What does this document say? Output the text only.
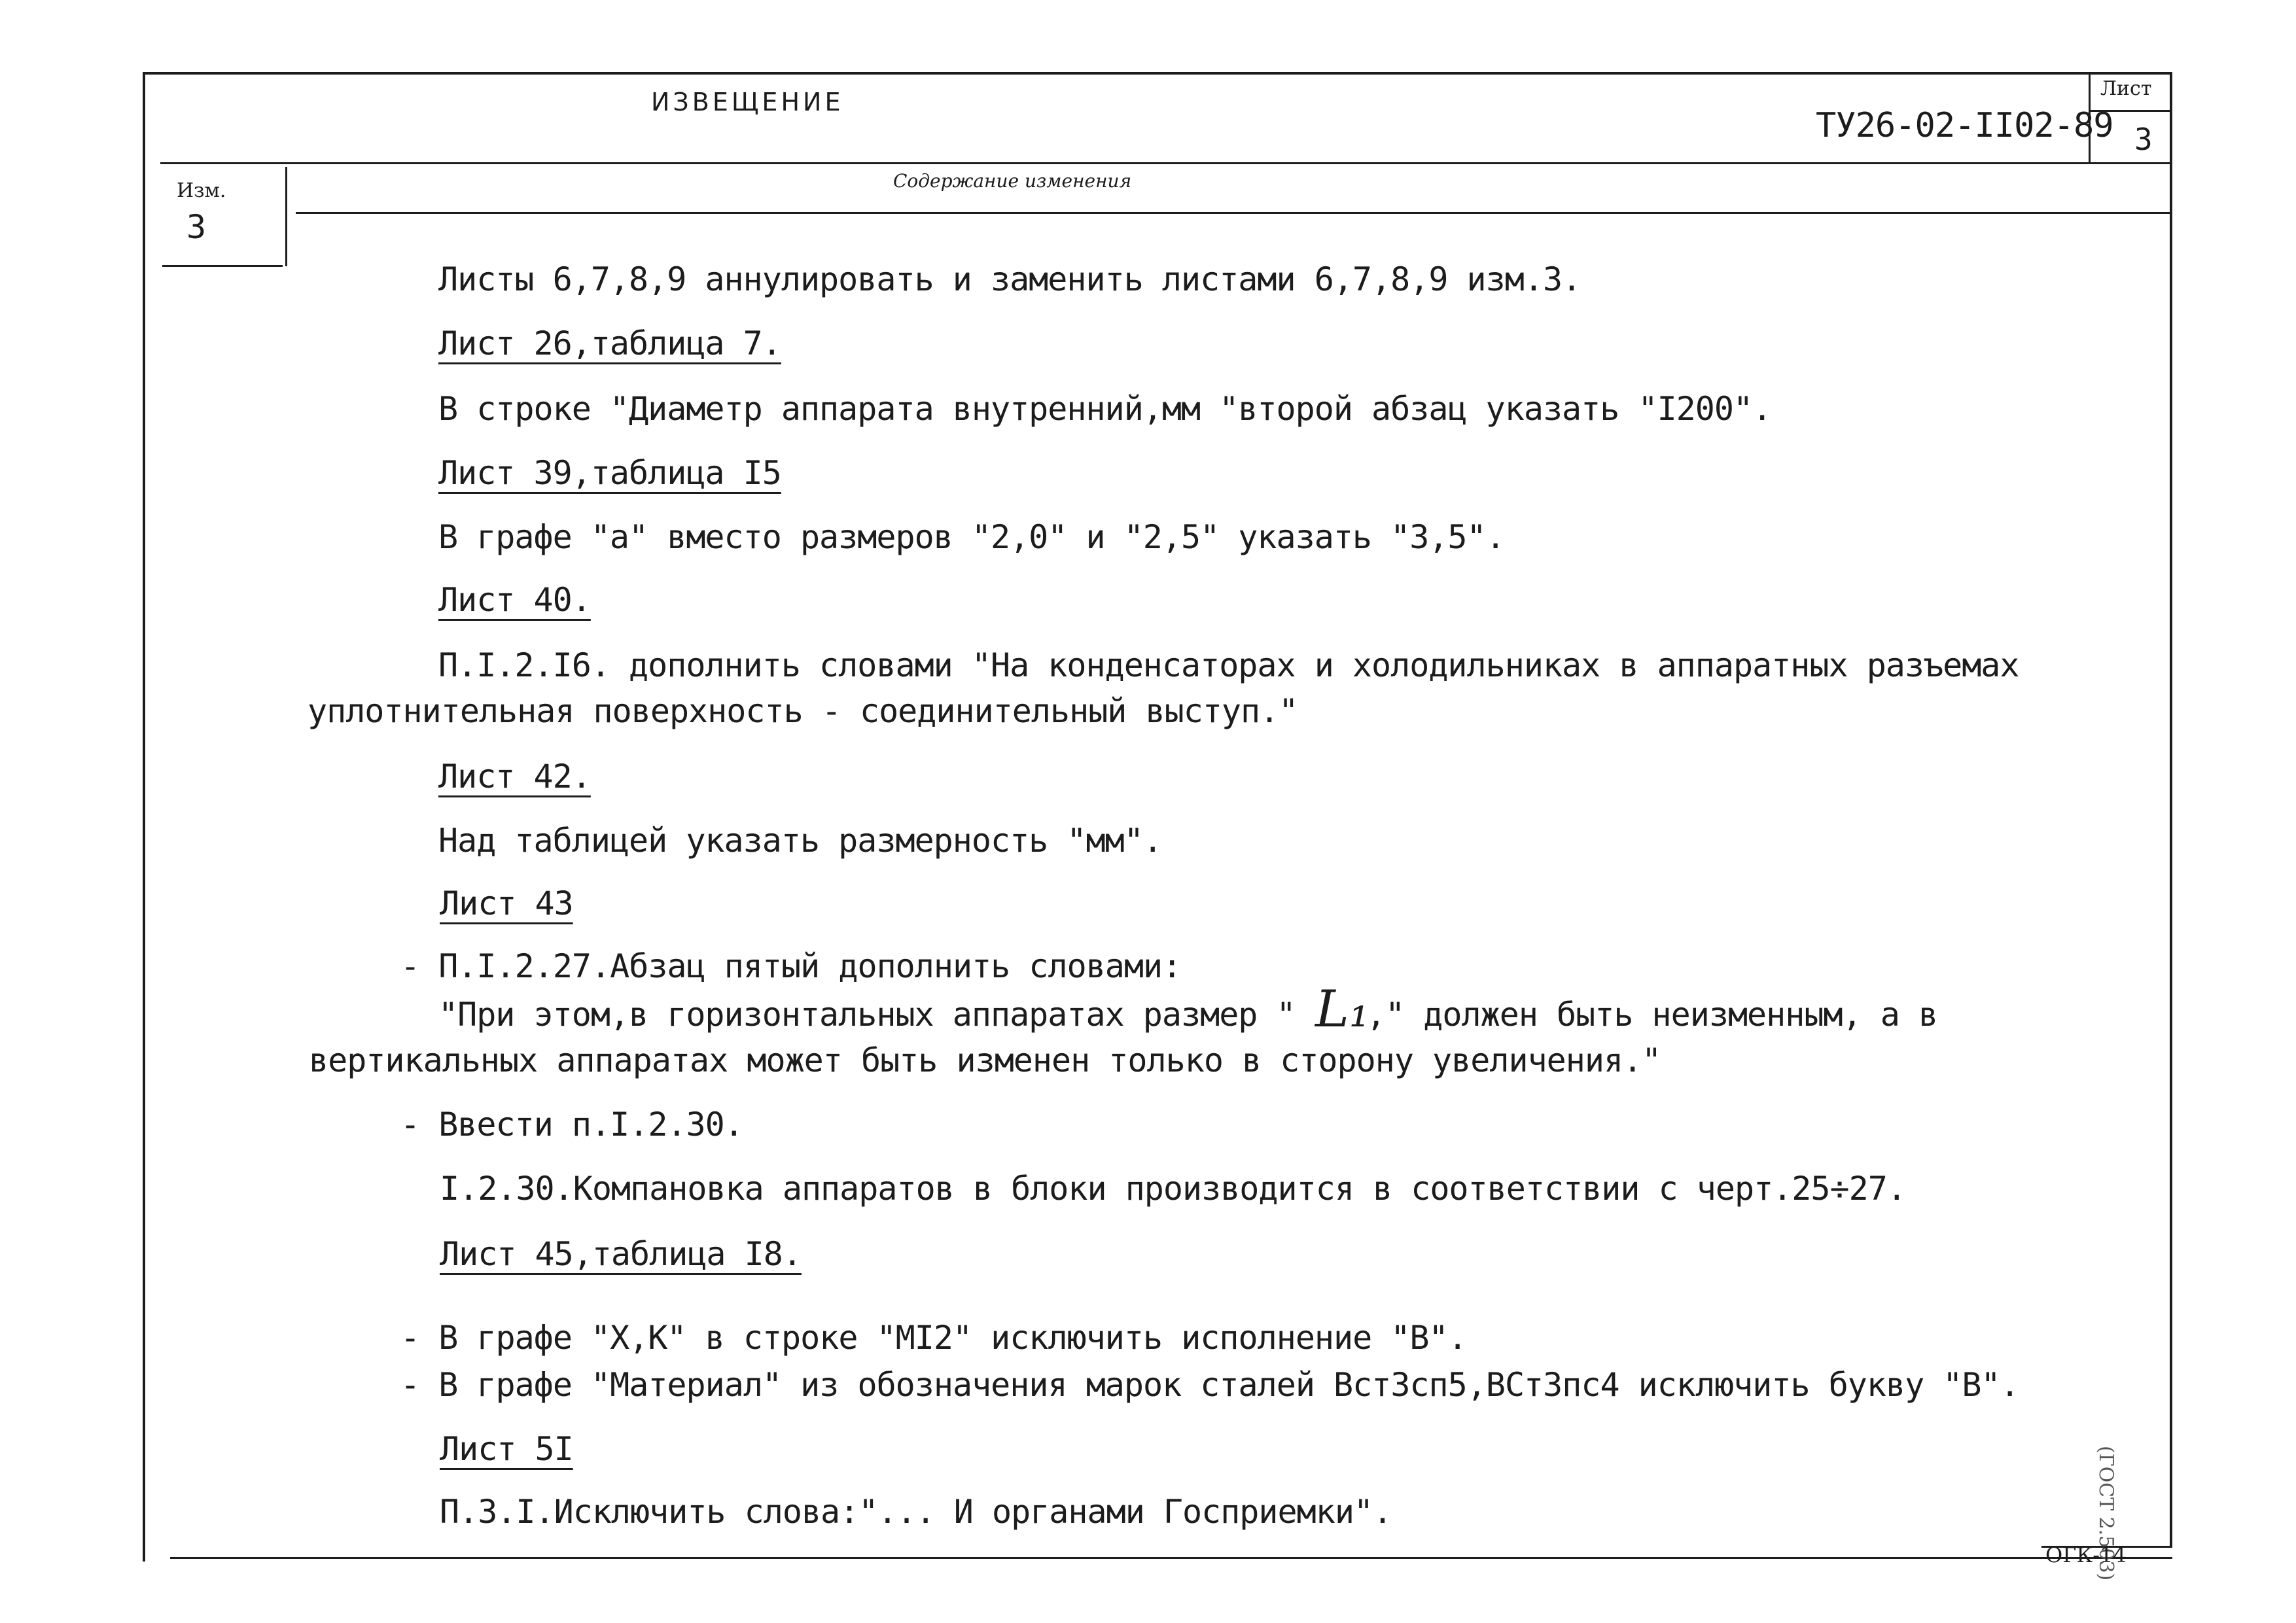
ИЗВЕЩЕНИЕ
ТУ26-02-II02-89
Лист
3
Изм.
3
Содержание изменения
Листы 6,7,8,9 аннулировать и заменить листами 6,7,8,9 изм.3.
Лист 26,таблица 7.
В строке "Диаметр аппарата внутренний,мм "второй абзац указать "I200".
Лист 39,таблица I5
В графе "а" вместо размеров "2,0" и "2,5" указать "3,5".
Лист 40.
П.I.2.I6. дополнить словами "На конденсаторах и холодильниках в аппаратных разъемах
уплотнительная поверхность - соединительный выступ."
Лист 42.
Над таблицей указать размерность "мм".
Лист 43
- П.I.2.27.Абзац пятый дополнить словами:
"При этом,в горизонтальных аппаратах размер " L₁
," должен быть неизменным, а в
вертикальных аппаратах может быть изменен только в сторону увеличения."
- Ввести п.I.2.30.
I.2.30.Компановка аппаратов в блоки производится в соответствии с черт.25÷27.
Лист 45,таблица I8.
- В графе "Х,К" в строке "МI2" исключить исполнение "В".
- В графе "Материал" из обозначения марок сталей ВстЗсп5,ВСтЗпс4 исключить букву "В".
Лист 5I
П.3.I.Исключить слова:"... И органами Госприемки".	(ГОСТ 2.503)
ОГК-14
